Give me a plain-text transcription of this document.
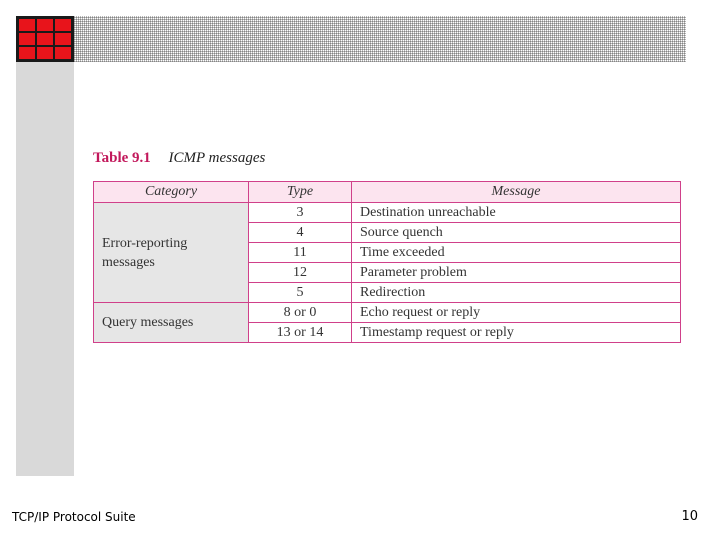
Table 9.1 ICMP messages
Category	Type	Message
Error-reporting messages	3	Destination unreachable
	4	Source quench
	11	Time exceeded
	12	Parameter problem
	5	Redirection
Query messages	8 or 0	Echo request or reply
	13 or 14	Timestamp request or reply
TCP/IP Protocol Suite	10
